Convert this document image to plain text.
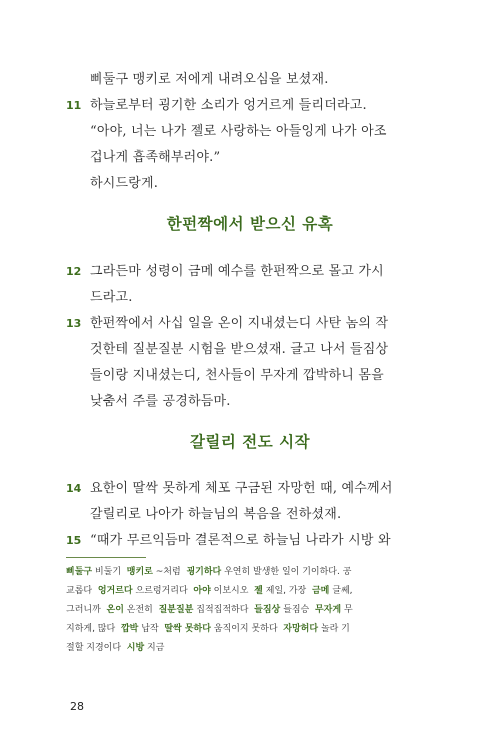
삐둘구 맹키로 저에게 내려오심을 보셨재.
11 하늘로부터 굉기한 소리가 엉거르게 들리더라고.
“아야, 너는 나가 젤로 사랑하는 아들잉게 나가 아조
겁나게 흡족해부러야.”
하시드랑게.
한펀짝에서 받으신 유혹
12 그라든마 성령이 금메 예수를 한펀짝으로 몰고 가시
드라고.
13 한펀짝에서 사십 일을 온이 지내셨는디 사탄 놈의 작
것한테 질분질분 시험을 받으셨재. 글고 나서 들짐상
들이랑 지내셨는디, 천사들이 무자게 깝박하니 몸을
낮춤서 주를 공경하듬마.
갈릴리 전도 시작
14 요한이 딸싹 못하게 체포 구금된 자망헌 때, 예수께서
갈릴리로 나아가 하늘님의 복음을 전하셨재.
15 “때가 무르익듬마 결론적으로 하늘님 나라가 시방 와
삐둘구 비둘기 맹키로 ~처럼 굉기하다 우연히 발생한 일이 기이하다. 공
교롭다 엉거르다 으르렁거리다 아야 이보시오 젤 제일, 가장 금메 글쎄,
그러니까 온이 온전히 질분질분 집적집적하다 들짐상 들짐승 무자게 무
지하게, 많다 깝박 납작 딸싹 못하다 움직이지 못하다 자망허다 놀라 기
절할 지경이다 시방 지금
28
